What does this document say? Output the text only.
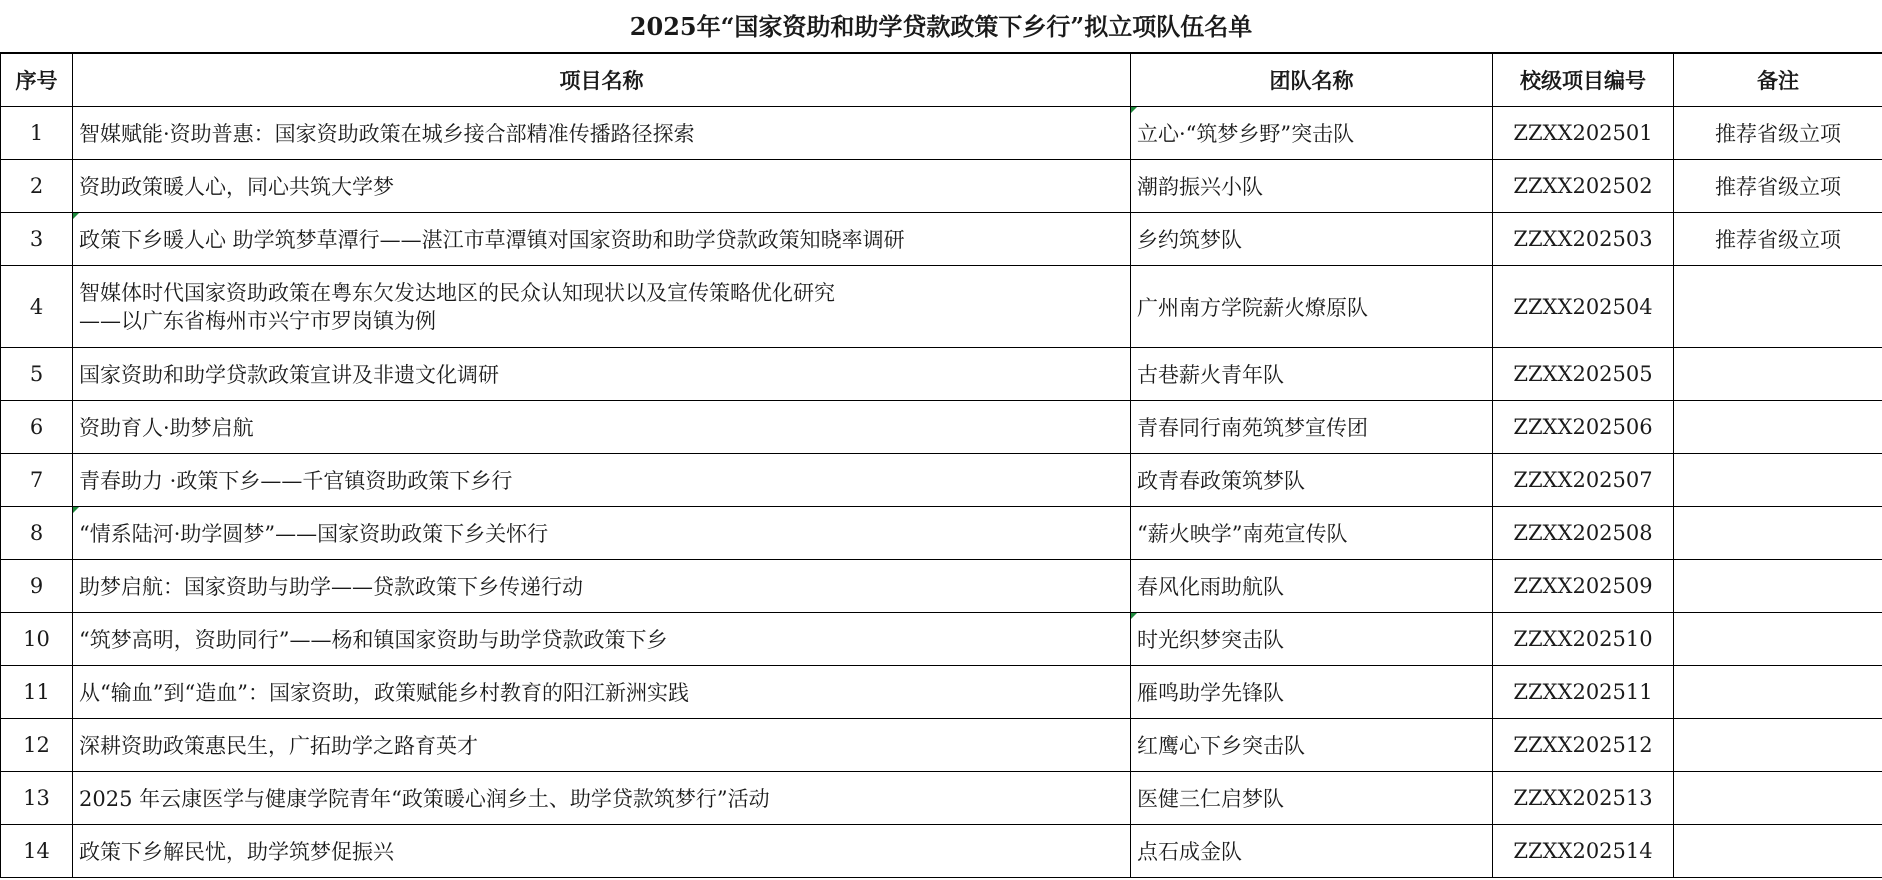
2025年“国家资助和助学贷款政策下乡行”拟立项队伍名单
序号	项目名称	团队名称	校级项目编号	备注
1	智媒赋能·资助普惠：国家资助政策在城乡接合部精准传播路径探索	立心·“筑梦乡野”突击队	ZZXX202501	推荐省级立项
2	资助政策暖人心，同心共筑大学梦	潮韵振兴小队	ZZXX202502	推荐省级立项
3	政策下乡暖人心 助学筑梦草潭行——湛江市草潭镇对国家资助和助学贷款政策知晓率调研	乡约筑梦队	ZZXX202503	推荐省级立项
4	智媒体时代国家资助政策在粤东欠发达地区的民众认知现状以及宣传策略优化研究
——以广东省梅州市兴宁市罗岗镇为例	广州南方学院薪火燎原队	ZZXX202504	
5	国家资助和助学贷款政策宣讲及非遗文化调研	古巷薪火青年队	ZZXX202505	
6	资助育人·助梦启航	青春同行南苑筑梦宣传团	ZZXX202506	
7	青春助力 ·政策下乡——千官镇资助政策下乡行	政青春政策筑梦队	ZZXX202507	
8	“情系陆河·助学圆梦”——国家资助政策下乡关怀行	“薪火映学”南苑宣传队	ZZXX202508	
9	助梦启航：国家资助与助学——贷款政策下乡传递行动	春风化雨助航队	ZZXX202509	
10	“筑梦高明，资助同行”——杨和镇国家资助与助学贷款政策下乡	时光织梦突击队	ZZXX202510	
11	从“输血”到“造血”：国家资助，政策赋能乡村教育的阳江新洲实践	雁鸣助学先锋队	ZZXX202511	
12	深耕资助政策惠民生，广拓助学之路育英才	红鹰心下乡突击队	ZZXX202512	
13	2025 年云康医学与健康学院青年“政策暖心润乡土、助学贷款筑梦行”活动	医健三仁启梦队	ZZXX202513	
14	政策下乡解民忧，助学筑梦促振兴	点石成金队	ZZXX202514	
